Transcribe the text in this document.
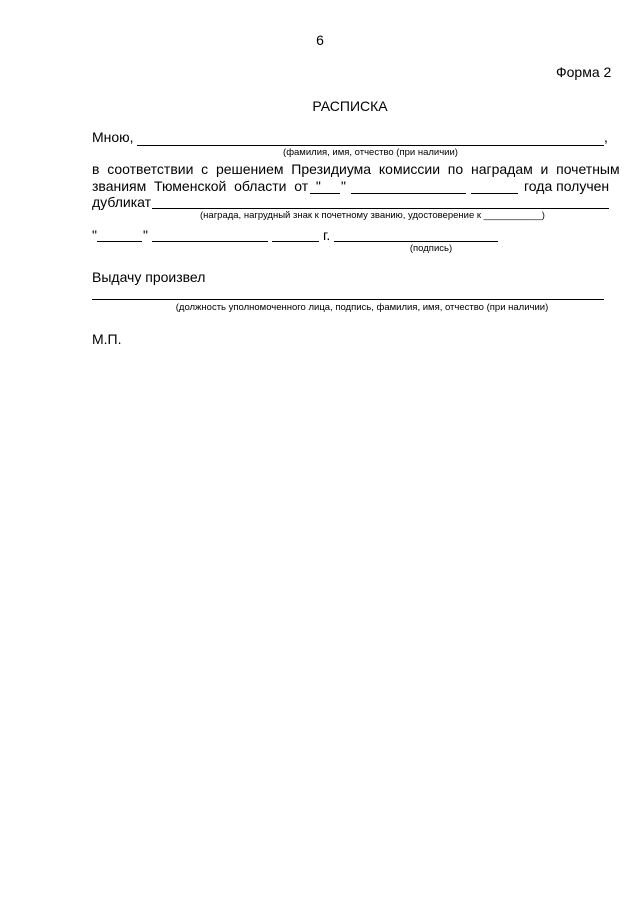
6
Форма 2
РАСПИСКА
Мною,	,
(фамилия, имя, отчество (при наличии)
в  соответствии  с  решением  Президиума  комиссии  по  наградам  и  почетным
званиям  Тюменской  области  от  " "	года получен
дубликат
(награда, нагрудный знак к почетному званию, удостоверение к ___________)
"	"	г.
(подпись)
Выдачу произвел
(должность уполномоченного лица, подпись, фамилия, имя, отчество (при наличии)
М.П.
